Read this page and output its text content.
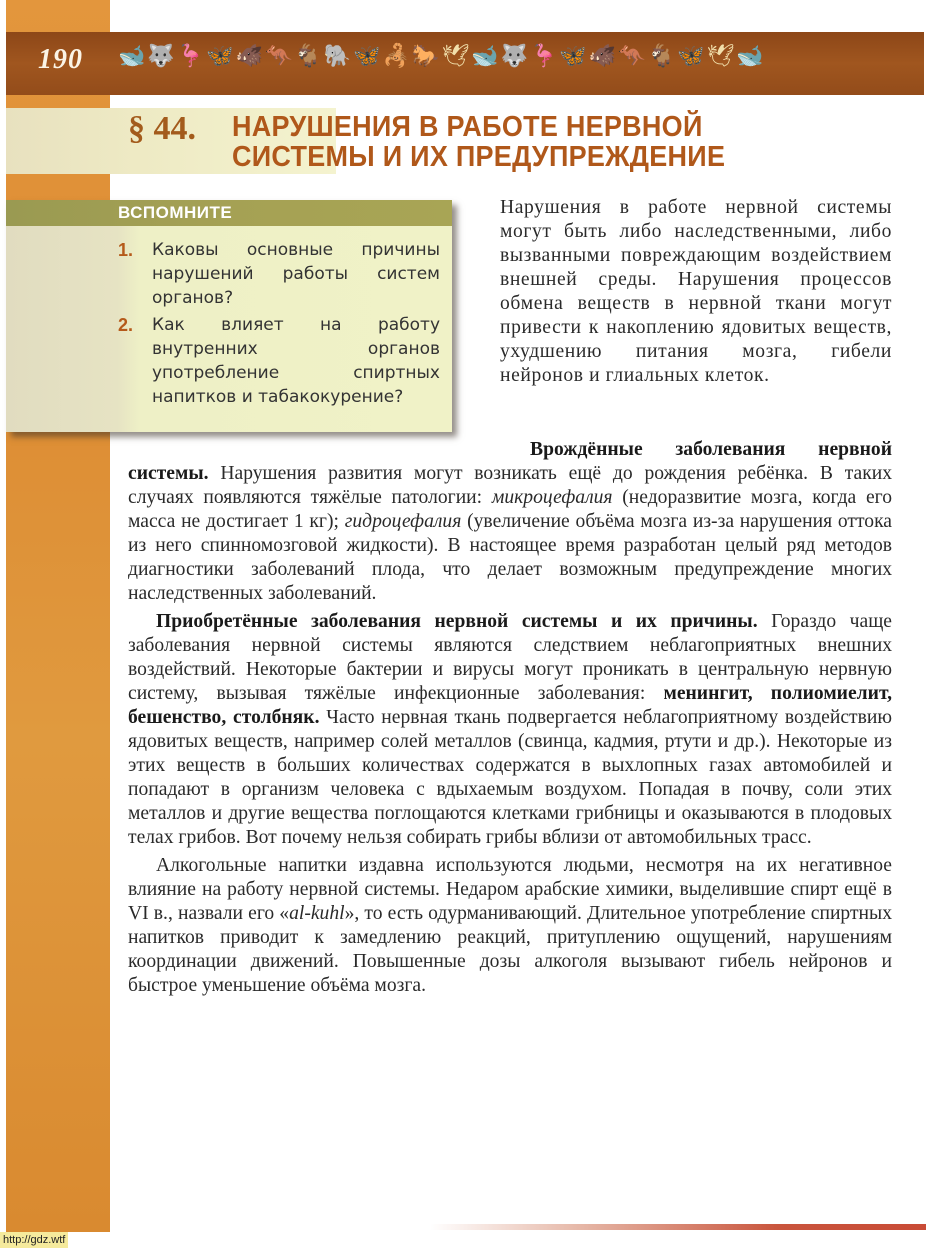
190 🐋🐺🦩🦋🐗🦘🐐🐘🦋🦂🐎🕊🐋🐺🦩🦋🐗🦘🐐🦋🕊🐋
§ 44. НАРУШЕНИЯ В РАБОТЕ НЕРВНОЙ
СИСТЕМЫ И ИХ ПРЕДУПРЕЖДЕНИЕ
ВСПОМНИТЕ
1. Каковы основные причины нарушений работы систем органов?
2. Как влияет на работу внутренних органов употребление спиртных напитков и табакокурение?
Нарушения в работе нервной системы могут быть либо наследственными, либо вызванными повреждающим воздействием внешней среды. Нарушения процессов обмена веществ в нервной ткани могут привести к накоплению ядовитых веществ, ухудшению питания мозга, гибели нейронов и глиальных клеток.

Врождённые заболевания нервной системы. Нарушения развития могут возникать ещё до рождения ребёнка. В таких случаях появляются тяжёлые патологии: микроцефалия (недоразвитие мозга, когда его масса не достигает 1 кг); гидроцефалия (увеличение объёма мозга из-за нарушения оттока из него спинномозговой жидкости). В настоящее время разработан целый ряд методов диагностики заболеваний плода, что делает возможным предупреждение многих наследственных заболеваний.

Приобретённые заболевания нервной системы и их причины. Гораздо чаще заболевания нервной системы являются следствием неблагоприятных внешних воздействий. Некоторые бактерии и вирусы могут проникать в центральную нервную систему, вызывая тяжёлые инфекционные заболевания: менингит, полиомиелит, бешенство, столбняк. Часто нервная ткань подвергается неблагоприятному воздействию ядовитых веществ, например солей металлов (свинца, кадмия, ртути и др.). Некоторые из этих веществ в больших количествах содержатся в выхлопных газах автомобилей и попадают в организм человека с вдыхаемым воздухом. Попадая в почву, соли этих металлов и другие вещества поглощаются клетками грибницы и оказываются в плодовых телах грибов. Вот почему нельзя собирать грибы вблизи от автомобильных трасс.

Алкогольные напитки издавна используются людьми, несмотря на их негативное влияние на работу нервной системы. Недаром арабские химики, выделившие спирт ещё в VI в., назвали его «al-kuhl», то есть одурманивающий. Длительное употребление спиртных напитков приводит к замедлению реакций, притуплению ощущений, нарушениям координации движений. Повышенные дозы алкоголя вызывают гибель нейронов и быстрое уменьшение объёма мозга.

http://gdz.wtf
